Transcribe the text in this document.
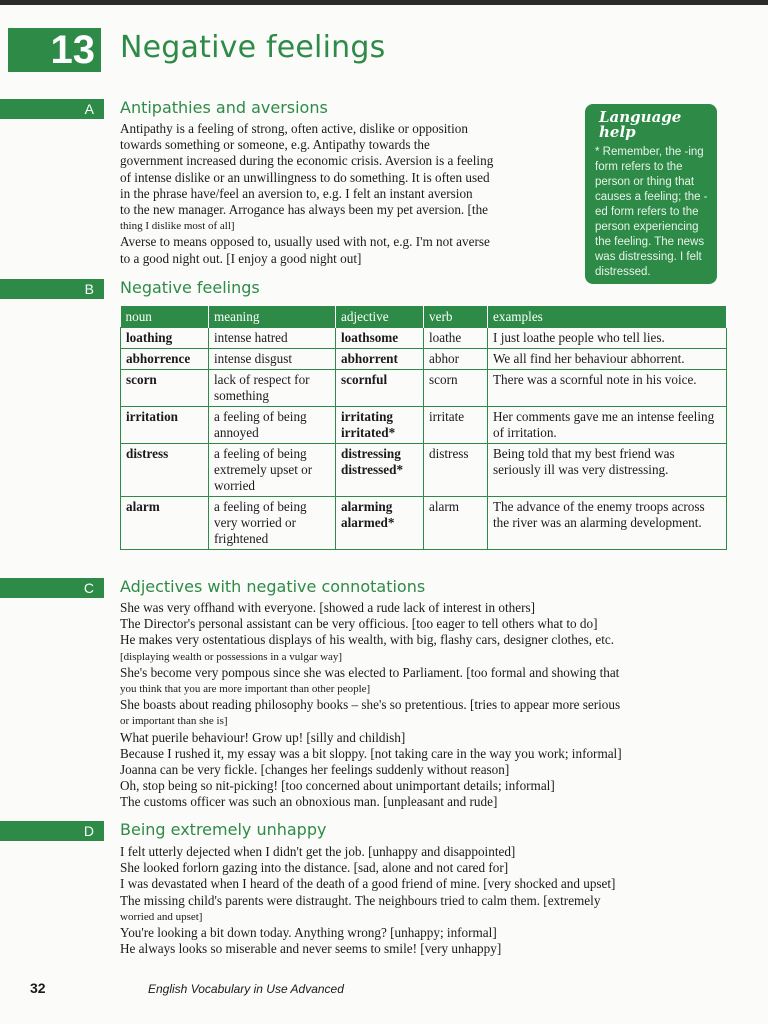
13 Negative feelings
A	Antipathies and aversions
Antipathy is a feeling of strong, often active, dislike or opposition
towards something or someone, e.g. Antipathy towards the
government increased during the economic crisis. Aversion is a feeling
of intense dislike or an unwillingness to do something. It is often used
in the phrase have/feel an aversion to, e.g. I felt an instant aversion
to the new manager. Arrogance has always been my pet aversion. [the
thing I dislike most of all]
Averse to means opposed to, usually used with not, e.g. I'm not averse
to a good night out. [I enjoy a good night out]
Language help
* Remember, the -ing form refers to the person or thing that causes a feeling; the -ed form refers to the person experiencing the feeling. The news was distressing. I felt distressed.
B	Negative feelings
noun	meaning	adjective	verb	examples
loathing	intense hatred	loathsome	loathe	I just loathe people who tell lies.
abhorrence	intense disgust	abhorrent	abhor	We all find her behaviour abhorrent.
scorn	lack of respect for something	scornful	scorn	There was a scornful note in his voice.
irritation	a feeling of being annoyed	irritating irritated*	irritate	Her comments gave me an intense feeling of irritation.
distress	a feeling of being extremely upset or worried	distressing distressed*	distress	Being told that my best friend was seriously ill was very distressing.
alarm	a feeling of being very worried or frightened	alarming alarmed*	alarm	The advance of the enemy troops across the river was an alarming development.
C	Adjectives with negative connotations
She was very offhand with everyone. [showed a rude lack of interest in others]
The Director's personal assistant can be very officious. [too eager to tell others what to do]
He makes very ostentatious displays of his wealth, with big, flashy cars, designer clothes, etc.
[displaying wealth or possessions in a vulgar way]
She's become very pompous since she was elected to Parliament. [too formal and showing that
you think that you are more important than other people]
She boasts about reading philosophy books – she's so pretentious. [tries to appear more serious
or important than she is]
What puerile behaviour! Grow up! [silly and childish]
Because I rushed it, my essay was a bit sloppy. [not taking care in the way you work; informal]
Joanna can be very fickle. [changes her feelings suddenly without reason]
Oh, stop being so nit-picking! [too concerned about unimportant details; informal]
The customs officer was such an obnoxious man. [unpleasant and rude]
D	Being extremely unhappy
I felt utterly dejected when I didn't get the job. [unhappy and disappointed]
She looked forlorn gazing into the distance. [sad, alone and not cared for]
I was devastated when I heard of the death of a good friend of mine. [very shocked and upset]
The missing child's parents were distraught. The neighbours tried to calm them. [extremely
worried and upset]
You're looking a bit down today. Anything wrong? [unhappy; informal]
He always looks so miserable and never seems to smile! [very unhappy]
32	English Vocabulary in Use Advanced
